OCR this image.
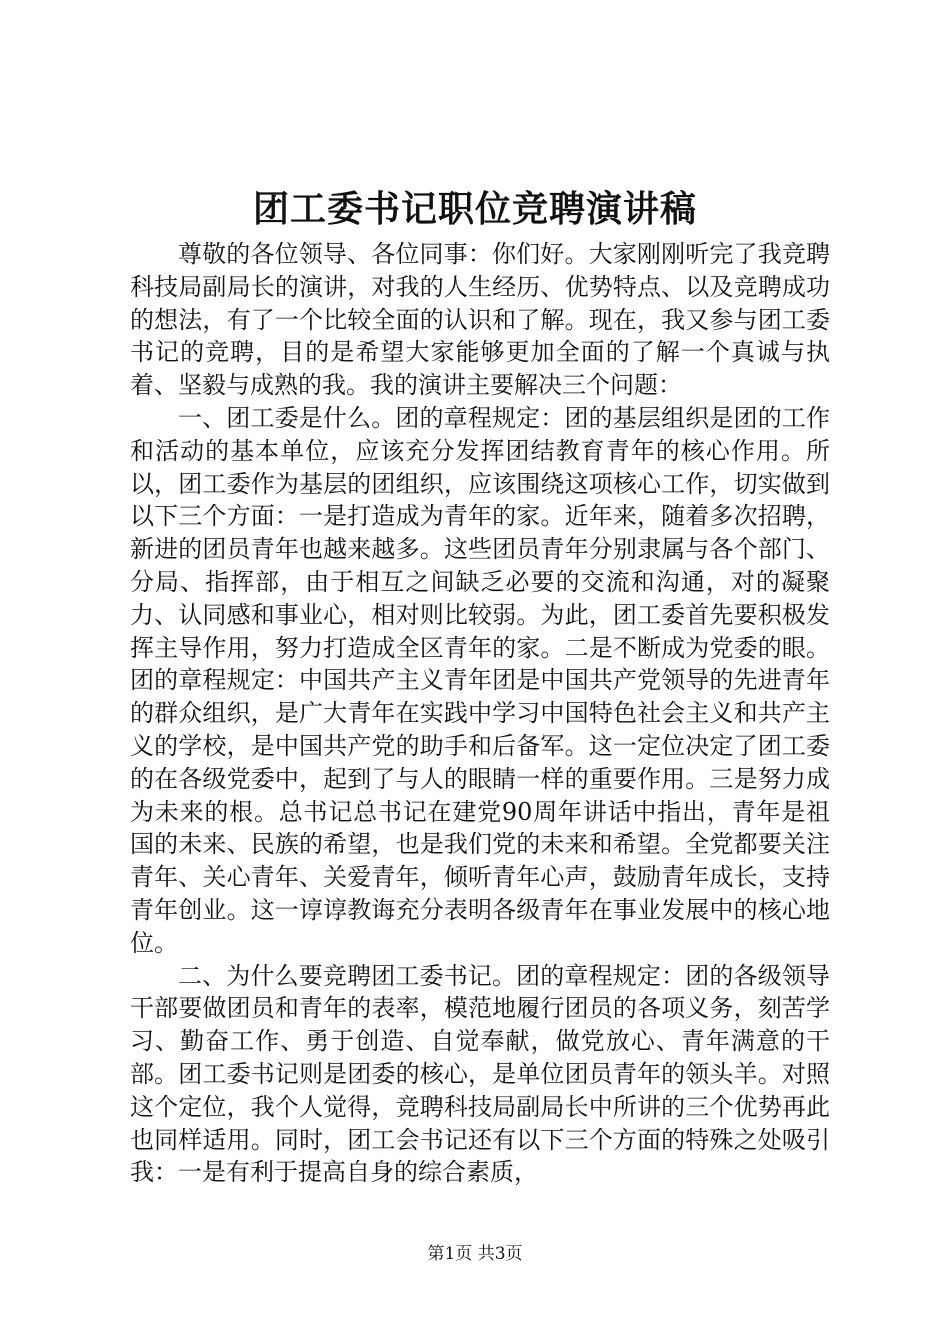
团工委书记职位竞聘演讲稿

尊敬的各位领导、各位同事：你们好。大家刚刚听完了我竞聘科技局副局长的演讲，对我的人生经历、优势特点、以及竞聘成功的想法，有了一个比较全面的认识和了解。现在，我又参与团工委书记的竞聘，目的是希望大家能够更加全面的了解一个真诚与执着、坚毅与成熟的我。我的演讲主要解决三个问题：

一、团工委是什么。团的章程规定：团的基层组织是团的工作和活动的基本单位，应该充分发挥团结教育青年的核心作用。所以，团工委作为基层的团组织，应该围绕这项核心工作，切实做到以下三个方面：一是打造成为青年的家。近年来，随着多次招聘，新进的团员青年也越来越多。这些团员青年分别隶属与各个部门、分局、指挥部，由于相互之间缺乏必要的交流和沟通，对的凝聚力、认同感和事业心，相对则比较弱。为此，团工委首先要积极发挥主导作用，努力打造成全区青年的家。二是不断成为党委的眼。团的章程规定：中国共产主义青年团是中国共产党领导的先进青年的群众组织，是广大青年在实践中学习中国特色社会主义和共产主义的学校，是中国共产党的助手和后备军。这一定位决定了团工委的在各级党委中，起到了与人的眼睛一样的重要作用。三是努力成为未来的根。总书记总书记在建党90周年讲话中指出，青年是祖国的未来、民族的希望，也是我们党的未来和希望。全党都要关注青年、关心青年、关爱青年，倾听青年心声，鼓励青年成长，支持青年创业。这一谆谆教诲充分表明各级青年在事业发展中的核心地位。

二、为什么要竞聘团工委书记。团的章程规定：团的各级领导干部要做团员和青年的表率，模范地履行团员的各项义务，刻苦学习、勤奋工作、勇于创造、自觉奉献，做党放心、青年满意的干部。团工委书记则是团委的核心，是单位团员青年的领头羊。对照这个定位，我个人觉得，竞聘科技局副局长中所讲的三个优势再此也同样适用。同时，团工会书记还有以下三个方面的特殊之处吸引我：一是有利于提高自身的综合素质，

第1页 共3页
